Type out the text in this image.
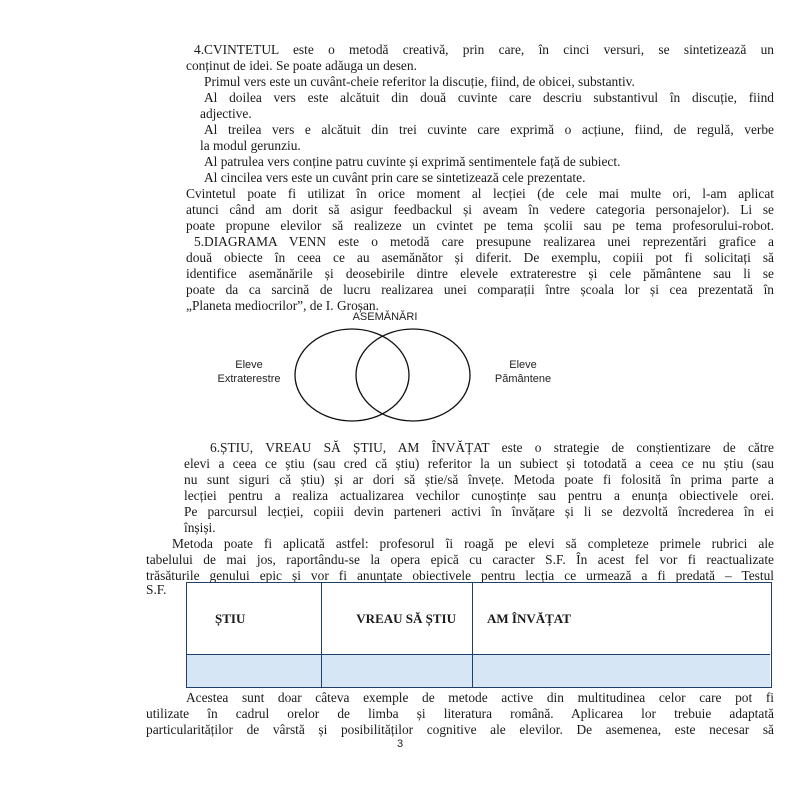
4.CVINTETUL este o metodă creativă, prin care, în cinci versuri, se sintetizează un
conținut de idei. Se poate adăuga un desen.
Primul vers este un cuvânt-cheie referitor la discuție, fiind, de obicei, substantiv.
Al doilea vers este alcătuit din două cuvinte care descriu substantivul în discuție, fiind
adjective.
Al treilea vers e alcătuit din trei cuvinte care exprimă o acțiune, fiind, de regulă, verbe
la modul gerunziu.
Al patrulea vers conține patru cuvinte și exprimă sentimentele față de subiect.
Al cincilea vers este un cuvânt prin care se sintetizează cele prezentate.
Cvintetul poate fi utilizat în orice moment al lecției (de cele mai multe ori, l-am aplicat
atunci când am dorit să asigur feedbackul și aveam în vedere categoria personajelor). Li se
poate propune elevilor să realizeze un cvintet pe tema școlii sau pe tema profesorului-robot.
5.DIAGRAMA VENN este o metodă care presupune realizarea unei reprezentări grafice a
două obiecte în ceea ce au asemănător și diferit. De exemplu, copiii pot fi solicitați să
identifice asemănările și deosebirile dintre elevele extraterestre și cele pământene sau li se
poate da ca sarcină de lucru realizarea unei comparații între școala lor și cea prezentată în
„Planeta mediocrilor”, de I. Groșan.
ASEMĂNĂRI
Eleve
Extraterestre
Eleve
Pământene
6.ȘTIU, VREAU SĂ ȘTIU, AM ÎNVĂȚAT este o strategie de conștientizare de către
elevi a ceea ce știu (sau cred că știu) referitor la un subiect și totodată a ceea ce nu știu (sau
nu sunt siguri că știu) și ar dori să știe/să învețe. Metoda poate fi folosită în prima parte a
lecției pentru a realiza actualizarea vechilor cunoștințe sau pentru a enunța obiectivele orei.
Pe parcursul lecției, copiii devin parteneri activi în învățare și li se dezvoltă încrederea în ei
înșiși.
Metoda poate fi aplicată astfel: profesorul îi roagă pe elevi să completeze primele rubrici ale
tabelului de mai jos, raportându-se la opera epică cu caracter S.F. În acest fel vor fi reactualizate
trăsăturile genului epic și vor fi anunțate obiectivele pentru lecția ce urmează a fi predată – Testul
S.F.
ȘTIU	VREAU SĂ ȘTIU	AM ÎNVĂȚAT
Acestea sunt doar câteva exemple de metode active din multitudinea celor care pot fi
utilizate în cadrul orelor de limba și literatura română. Aplicarea lor trebuie adaptată
particularităților de vârstă și posibilităților cognitive ale elevilor. De asemenea, este necesar să
3
